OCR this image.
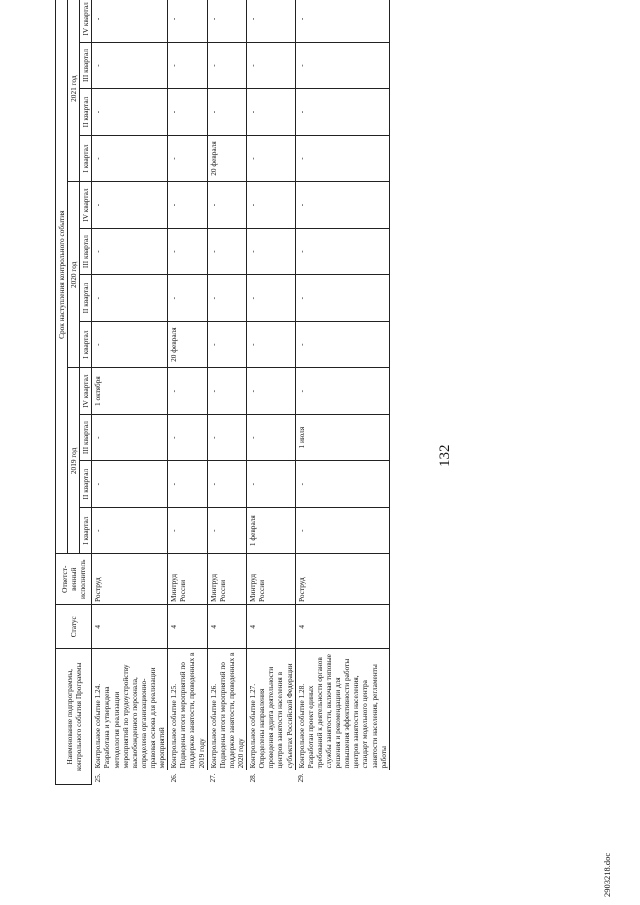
132
Наименование подпрограммы, контрольного события Программы		Статус	Ответст-венный исполнитель	Срок наступления контрольного события											
				2019 год				2020 год				2021 год			
				I квартал	II квартал	III квартал	IV квартал	I квартал	II квартал	III квартал	IV квартал	I квартал	II квартал	III квартал	IV квартал
25.	Контрольное событие 1.24. Разработана и утверждена методология реализации мероприятий по трудоустройству высвобожденного персонала, определена организационно-правовая основа для реализации мероприятий	4	Роструд	-	-	-	1 октября	-	-	-	-	-	-	-	-
26.	Контрольное событие 1.25. Подведены итоги мероприятий по поддержке занятости, проведенных в 2019 году	4	Минтруд России	-	-	-	-	20 февраля	-	-	-	-	-	-	-
27.	Контрольное событие 1.26. Подведены итоги мероприятий по поддержке занятости, проведенных в 2020 году	4	Минтруд России	-	-	-	-	-	-	-	-	20 февраля	-	-	-
28.	Контрольное событие 1.27. Определены направления проведения аудита деятельности центров занятости населения в субъектах Российской Федерации	4	Минтруд России	1 февраля	-	-	-	-	-	-	-	-	-	-	-
29.	Контрольное событие 1.28. Разработан проект единых требований к деятельности органов службы занятости, включая типовые решения и рекомендации для повышения эффективности работы центров занятости населения, стандарт модельного центра занятости населения, регламенты работы	4	Роструд	-	-	1 июля	-	-	-	-	-	-	-	-	-
2903218.doc
